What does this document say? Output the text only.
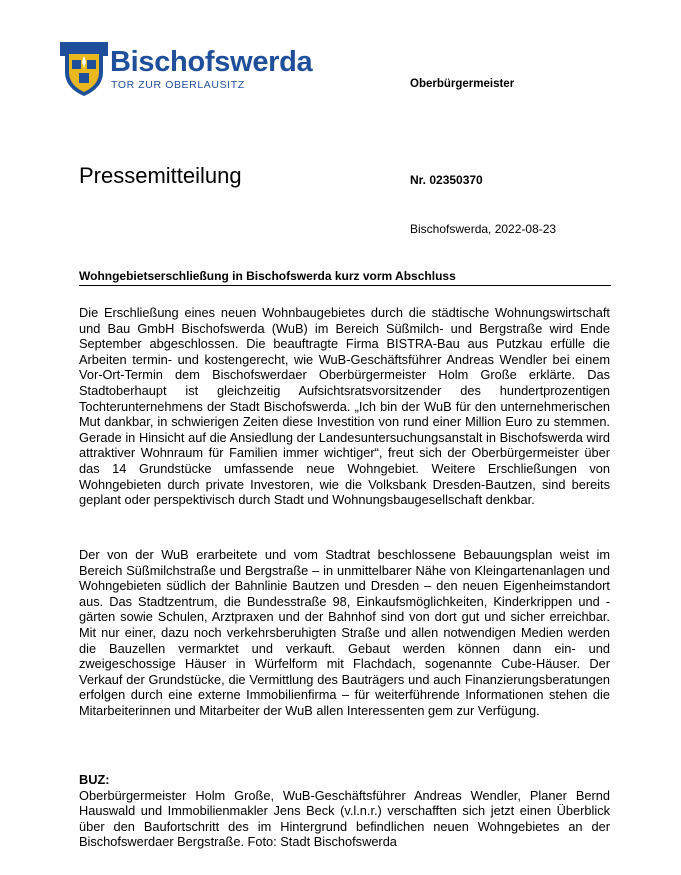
Bischofswerda
TOR ZUR OBERLAUSITZ	Oberbürgermeister
Pressemitteilung	Nr. 02350370
Bischofswerda, 2022-08-23
Wohngebietserschließung in Bischofswerda kurz vorm Abschluss

Die Erschließung eines neuen Wohnbaugebietes durch die städtische Wohnungswirtschaft und Bau GmbH Bischofswerda (WuB) im Bereich Süßmilch- und Bergstraße wird Ende September abgeschlossen. Die beauftragte Firma BISTRA-Bau aus Putzkau erfülle die Arbeiten termin- und kostengerecht, wie WuB-Geschäftsführer Andreas Wendler bei einem Vor-Ort-Termin dem Bischofswerdaer Oberbürgermeister Holm Große erklärte. Das Stadtoberhaupt ist gleichzeitig Aufsichtsratsvorsitzender des hundertprozentigen Tochterunternehmens der Stadt Bischofswerda. „Ich bin der WuB für den unternehmerischen Mut dankbar, in schwierigen Zeiten diese Investition von rund einer Million Euro zu stemmen. Gerade in Hinsicht auf die Ansiedlung der Landesuntersuchungsanstalt in Bischofswerda wird attraktiver Wohnraum für Familien immer wichtiger“, freut sich der Oberbürgermeister über das 14 Grundstücke umfassende neue Wohngebiet. Weitere Erschließungen von Wohngebieten durch private Investoren, wie die Volksbank Dresden-Bautzen, sind bereits geplant oder perspektivisch durch Stadt und Wohnungsbaugesellschaft denkbar.

Der von der WuB erarbeitete und vom Stadtrat beschlossene Bebauungsplan weist im Bereich Süßmilchstraße und Bergstraße – in unmittelbarer Nähe von Kleingartenanlagen und Wohngebieten südlich der Bahnlinie Bautzen und Dresden – den neuen Eigenheimstandort aus. Das Stadtzentrum, die Bundesstraße 98, Einkaufsmöglichkeiten, Kinderkrippen und -gärten sowie Schulen, Arztpraxen und der Bahnhof sind von dort gut und sicher erreichbar. Mit nur einer, dazu noch verkehrsberuhigten Straße und allen notwendigen Medien werden die Bauzellen vermarktet und verkauft. Gebaut werden können dann ein- und zweigeschossige Häuser in Würfelform mit Flachdach, sogenannte Cube-Häuser. Der Verkauf der Grundstücke, die Vermittlung des Bauträgers und auch Finanzierungsberatungen erfolgen durch eine externe Immobilienfirma – für weiterführende Informationen stehen die Mitarbeiterinnen und Mitarbeiter der WuB allen Interessenten gem zur Verfügung.

BUZ:
Oberbürgermeister Holm Große, WuB-Geschäftsführer Andreas Wendler, Planer Bernd Hauswald und Immobilienmakler Jens Beck (v.l.n.r.) verschafften sich jetzt einen Überblick über den Baufortschritt des im Hintergrund befindlichen neuen Wohngebietes an der Bischofswerdaer Bergstraße. Foto: Stadt Bischofswerda
